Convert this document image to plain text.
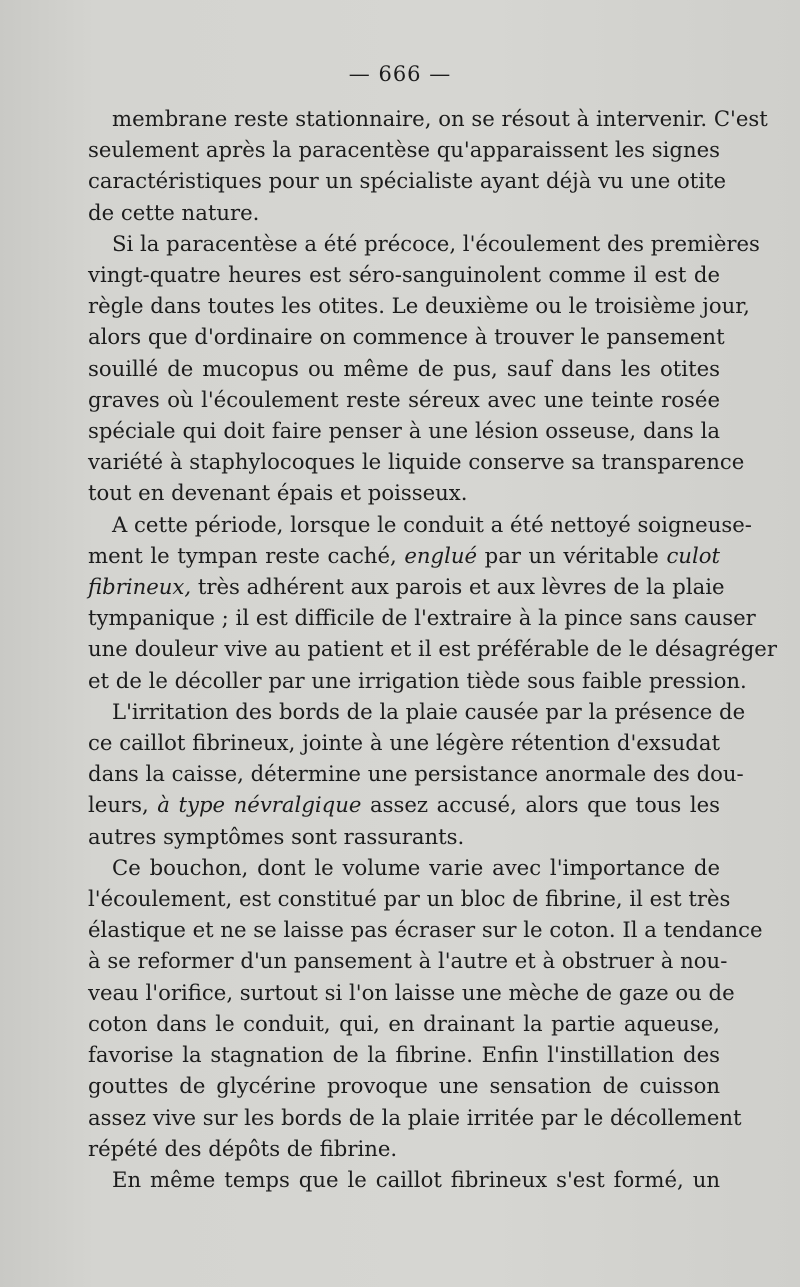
— 666 —

membrane reste stationnaire, on se résout à intervenir. C'est
seulement après la paracentèse qu'apparaissent les signes
caractéristiques pour un spécialiste ayant déjà vu une otite
de cette nature.

Si la paracentèse a été précoce, l'écoulement des premières
vingt-quatre heures est séro-sanguinolent comme il est de
règle dans toutes les otites. Le deuxième ou le troisième jour,
alors que d'ordinaire on commence à trouver le pansement
souillé de mucopus ou même de pus, sauf dans les otites
graves où l'écoulement reste séreux avec une teinte rosée
spéciale qui doit faire penser à une lésion osseuse, dans la
variété à staphylocoques le liquide conserve sa transparence
tout en devenant épais et poisseux.

A cette période, lorsque le conduit a été nettoyé soigneuse-
ment le tympan reste caché, englué par un véritable culot
fibrineux, très adhérent aux parois et aux lèvres de la plaie
tympanique ; il est difficile de l'extraire à la pince sans causer
une douleur vive au patient et il est préférable de le désagréger
et de le décoller par une irrigation tiède sous faible pression.

L'irritation des bords de la plaie causée par la présence de
ce caillot fibrineux, jointe à une légère rétention d'exsudat
dans la caisse, détermine une persistance anormale des dou-
leurs, à type névralgique assez accusé, alors que tous les
autres symptômes sont rassurants.

Ce bouchon, dont le volume varie avec l'importance de
l'écoulement, est constitué par un bloc de fibrine, il est très
élastique et ne se laisse pas écraser sur le coton. Il a tendance
à se reformer d'un pansement à l'autre et à obstruer à nou-
veau l'orifice, surtout si l'on laisse une mèche de gaze ou de
coton dans le conduit, qui, en drainant la partie aqueuse,
favorise la stagnation de la fibrine. Enfin l'instillation des
gouttes de glycérine provoque une sensation de cuisson
assez vive sur les bords de la plaie irritée par le décollement
répété des dépôts de fibrine.

En même temps que le caillot fibrineux s'est formé, un
